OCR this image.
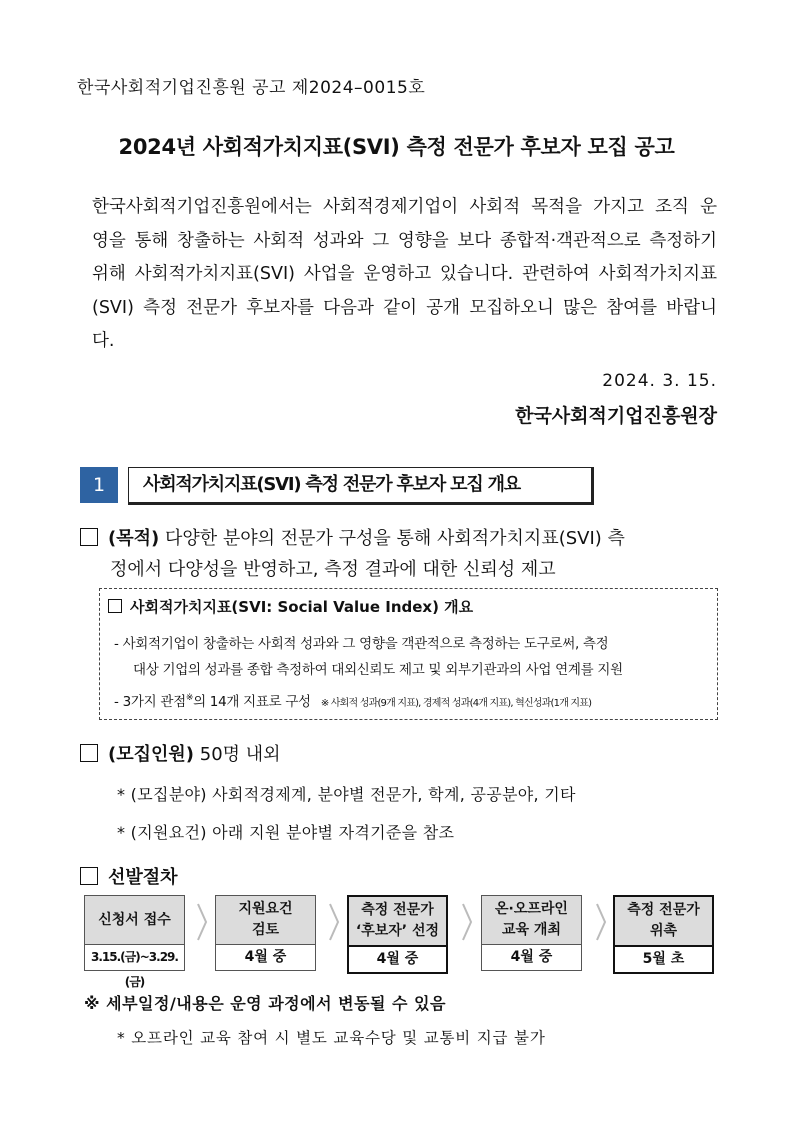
한국사회적기업진흥원 공고 제2024–0015호
2024년 사회적가치지표(SVI) 측정 전문가 후보자 모집 공고
한국사회적기업진흥원에서는 사회적경제기업이 사회적 목적을 가지고 조직 운영을 통해 창출하는 사회적 성과와 그 영향을 보다 종합적·객관적으로 측정하기 위해 사회적가치지표(SVI) 사업을 운영하고 있습니다. 관련하여 사회적가치지표(SVI) 측정 전문가 후보자를 다음과 같이 공개 모집하오니 많은 참여를 바랍니다.
2024. 3. 15.
한국사회적기업진흥원장
1	사회적가치지표(SVI) 측정 전문가 후보자 모집 개요
(목적) 다양한 분야의 전문가 구성을 통해 사회적가치지표(SVI) 측
정에서 다양성을 반영하고, 측정 결과에 대한 신뢰성 제고
사회적가치지표(SVI: Social Value Index) 개요
- 사회적기업이 창출하는 사회적 성과와 그 영향을 객관적으로 측정하는 도구로써, 측정
대상 기업의 성과를 종합 측정하여 대외신뢰도 제고 및 외부기관과의 사업 연계를 지원
- 3가지 관점※의 14개 지표로 구성 ※ 사회적 성과(9개 지표), 경제적 성과(4개 지표), 혁신성과(1개 지표)
(모집인원) 50명 내외
* (모집분야) 사회적경제계, 분야별 전문가, 학계, 공공분야, 기타
* (지원요건) 아래 지원 분야별 자격기준을 참조
선발절차
신청서 접수
3.15.(금)~3.29.(금)
지원요건
검토
4월 중
측정 전문가
‘후보자’ 선정
4월 중
온·오프라인
교육 개최
4월 중
측정 전문가
위촉
5월 초
※ 세부일정/내용은 운영 과정에서 변동될 수 있음
* 오프라인 교육 참여 시 별도 교육수당 및 교통비 지급 불가
